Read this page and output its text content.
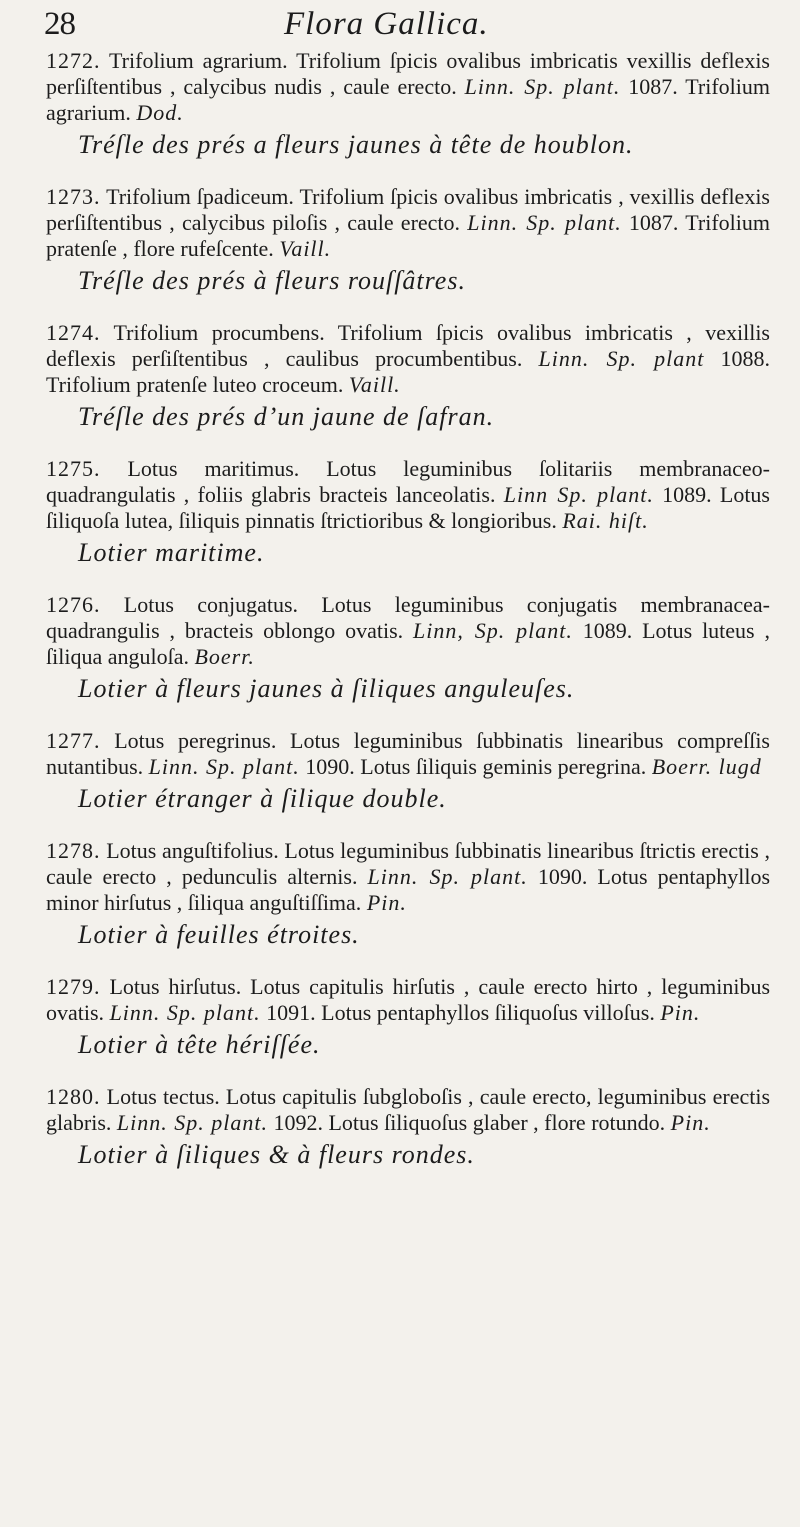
28	Flora Gallica.
1272. Trifolium agrarium. Trifolium ſpicis ovalibus imbricatis vexillis deflexis perſiſtentibus , calycibus nudis , caule erecto. Linn. Sp. plant. 1087. Trifolium agrarium. Dod.
Tréſle des prés a fleurs jaunes à tête de houblon.
1273. Trifolium ſpadiceum. Trifolium ſpicis ovalibus imbricatis , vexillis deflexis perſiſtentibus , calycibus piloſis , caule erecto. Linn. Sp. plant. 1087. Trifolium pratenſe , flore rufeſcente. Vaill.
Tréſle des prés à fleurs rouſſâtres.
1274. Trifolium procumbens. Trifolium ſpicis ovalibus imbricatis , vexillis deflexis perſiſtentibus , caulibus procumbentibus. Linn. Sp. plant 1088. Trifolium pratenſe luteo croceum. Vaill.
Tréſle des prés d’un jaune de ſafran.
1275. Lotus maritimus. Lotus leguminibus ſolitariis membranaceo-quadrangulatis , foliis glabris bracteis lanceolatis. Linn Sp. plant. 1089. Lotus ſiliquoſa lutea, ſiliquis pinnatis ſtrictioribus & longioribus. Rai. hiſt.
Lotier maritime.
1276. Lotus conjugatus. Lotus leguminibus conjugatis membranacea-quadrangulis , bracteis oblongo ovatis. Linn, Sp. plant. 1089. Lotus luteus , ſiliqua anguloſa. Boerr.
Lotier à fleurs jaunes à ſiliques anguleuſes.
1277. Lotus peregrinus. Lotus leguminibus ſubbinatis linearibus compreſſis nutantibus. Linn. Sp. plant. 1090. Lotus ſiliquis geminis peregrina. Boerr. lugd
Lotier étranger à ſilique double.
1278. Lotus anguſtifolius. Lotus leguminibus ſubbinatis linearibus ſtrictis erectis , caule erecto , pedunculis alternis. Linn. Sp. plant. 1090. Lotus pentaphyllos minor hirſutus , ſiliqua anguſtiſſima. Pin.
Lotier à feuilles étroites.
1279. Lotus hirſutus. Lotus capitulis hirſutis , caule erecto hirto , leguminibus ovatis. Linn. Sp. plant. 1091. Lotus pentaphyllos ſiliquoſus villoſus. Pin.
Lotier à tête hériſſée.
1280. Lotus tectus. Lotus capitulis ſubgloboſis , caule erecto, leguminibus erectis glabris. Linn. Sp. plant. 1092. Lotus ſiliquoſus glaber , flore rotundo. Pin.
Lotier à ſiliques & à fleurs rondes.
